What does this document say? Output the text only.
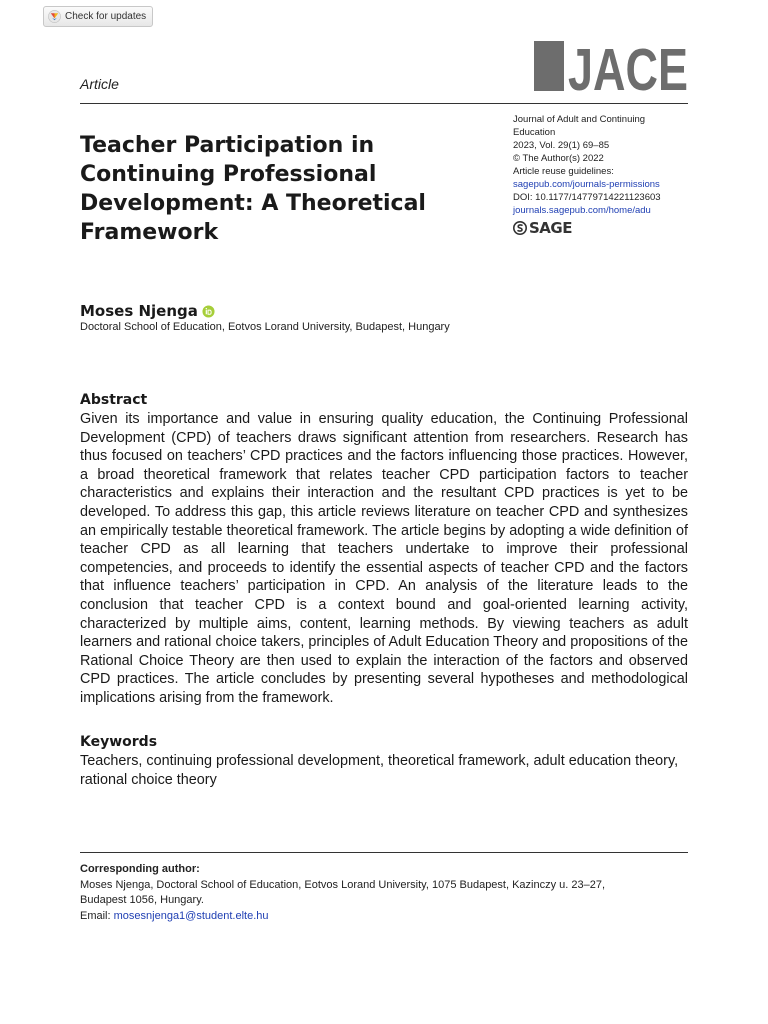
Check for updates
JACE
Article
Teacher Participation in Continuing Professional Development: A Theoretical Framework
Journal of Adult and Continuing
Education
2023, Vol. 29(1) 69–85
© The Author(s) 2022
Article reuse guidelines:
sagepub.com/journals-permissions
DOI: 10.1177/14779714221123603
journals.sagepub.com/home/adu
SAGE
Moses Njenga
Doctoral School of Education, Eotvos Lorand University, Budapest, Hungary
Abstract

Given its importance and value in ensuring quality education, the Continuing Professional Development (CPD) of teachers draws significant attention from researchers. Research has thus focused on teachers’ CPD practices and the factors influencing those practices. However, a broad theoretical framework that relates teacher CPD participation factors to teacher characteristics and explains their interaction and the resultant CPD practices is yet to be developed. To address this gap, this article reviews literature on teacher CPD and synthesizes an empirically testable theoretical framework. The article begins by adopting a wide definition of teacher CPD as all learning that teachers undertake to improve their professional competencies, and proceeds to identify the essential aspects of teacher CPD and the factors that influence teachers’ participation in CPD. An analysis of the literature leads to the conclusion that teacher CPD is a context bound and goal-oriented learning activity, characterized by multiple aims, content, learning methods. By viewing teachers as adult learners and rational choice takers, principles of Adult Education Theory and propositions of the Rational Choice Theory are then used to explain the interaction of the factors and observed CPD practices. The article concludes by presenting several hypotheses and methodological implications arising from the framework.

Keywords

Teachers, continuing professional development, theoretical framework, adult education theory, rational choice theory

Corresponding author:
Moses Njenga, Doctoral School of Education, Eotvos Lorand University, 1075 Budapest, Kazinczy u. 23–27,
Budapest 1056, Hungary.
Email: mosesnjenga1@student.elte.hu
